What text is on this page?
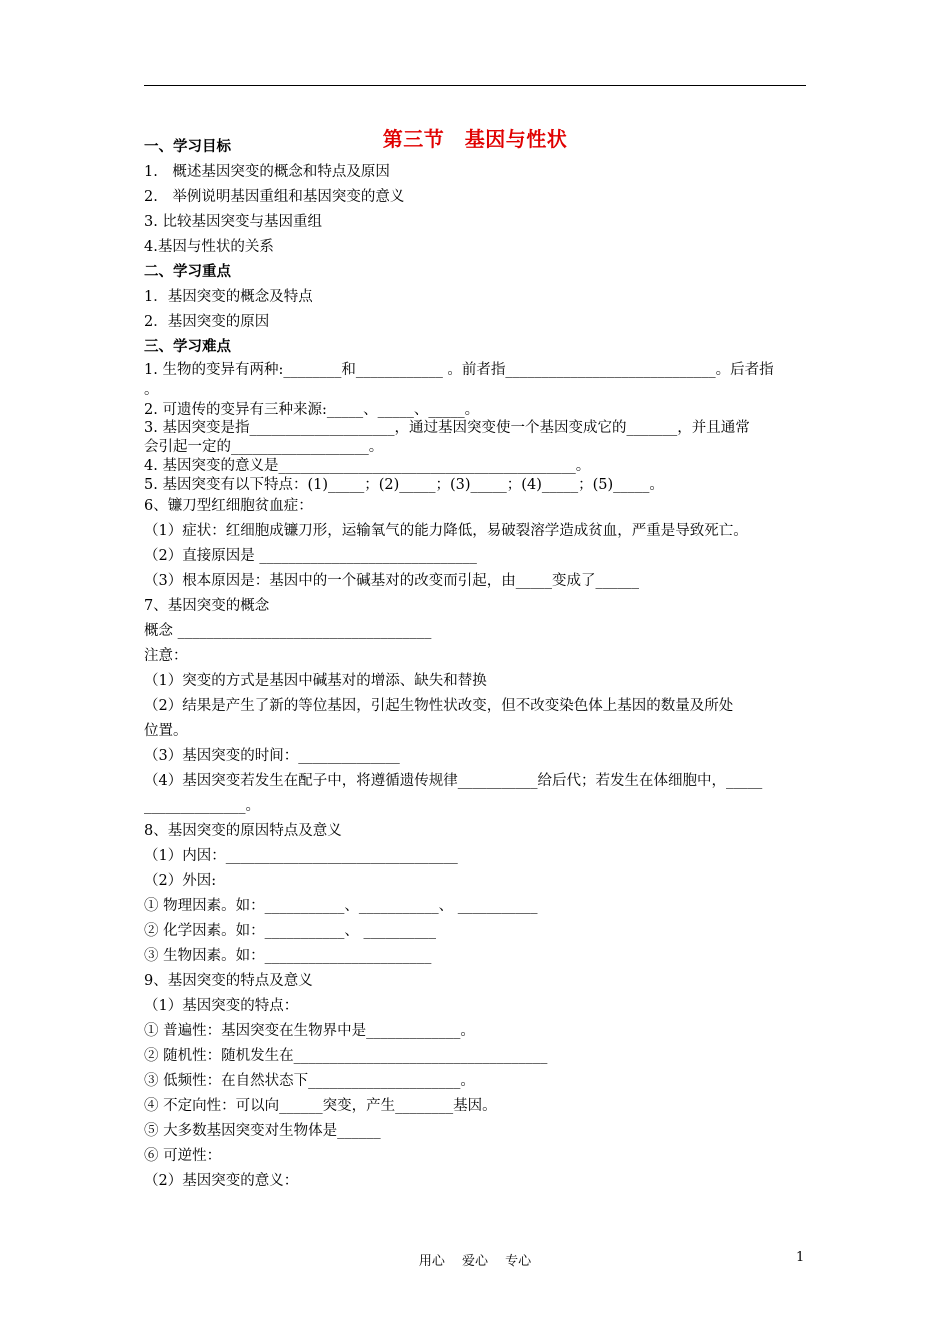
第三节　基因与性状
一、学习目标
1.　概述基因突变的概念和特点及原因
2.　举例说明基因重组和基因突变的意义
3. 比较基因突变与基因重组
4.基因与性状的关系
二、学习重点
1．基因突变的概念及特点
2．基因突变的原因
三、学习难点
1. 生物的变异有两种:________和____________ 。前者指_____________________________。后者指
。
2. 可遗传的变异有三种来源:_____、_____、_____。
3. 基因突变是指____________________，通过基因突变使一个基因变成它的_______，并且通常
会引起一定的___________________。
4. 基因突变的意义是_________________________________________。
5. 基因突变有以下特点：(1)_____；(2)_____；(3)_____；(4)_____；(5)_____。
6、镰刀型红细胞贫血症：
（1）症状：红细胞成镰刀形，运输氧气的能力降低，易破裂溶学造成贫血，严重是导致死亡。
（2）直接原因是 ______________________________
（3）根本原因是：基因中的一个碱基对的改变而引起，由_____变成了______
7、基因突变的概念
概念 ___________________________________
注意：
（1）突变的方式是基因中碱基对的增添、缺失和替换
（2）结果是产生了新的等位基因，引起生物性状改变，但不改变染色体上基因的数量及所处
位置。
（3）基因突变的时间：______________
（4）基因突变若发生在配子中，将遵循遗传规律___________给后代；若发生在体细胞中，_____
______________。
8、基因突变的原因特点及意义
（1）内因：________________________________
（2）外因:
① 物理因素。如：___________、___________、 ___________
② 化学因素。如：___________、 __________
③ 生物因素。如：_______________________
9、基因突变的特点及意义
（1）基因突变的特点：
① 普遍性：基因突变在生物界中是_____________。
② 随机性：随机发生在___________________________________
③ 低频性：在自然状态下_____________________。
④ 不定向性：可以向______突变，产生________基因。
⑤ 大多数基因突变对生物体是______
⑥ 可逆性：
（2）基因突变的意义：
用心　 爱心　 专心	1
